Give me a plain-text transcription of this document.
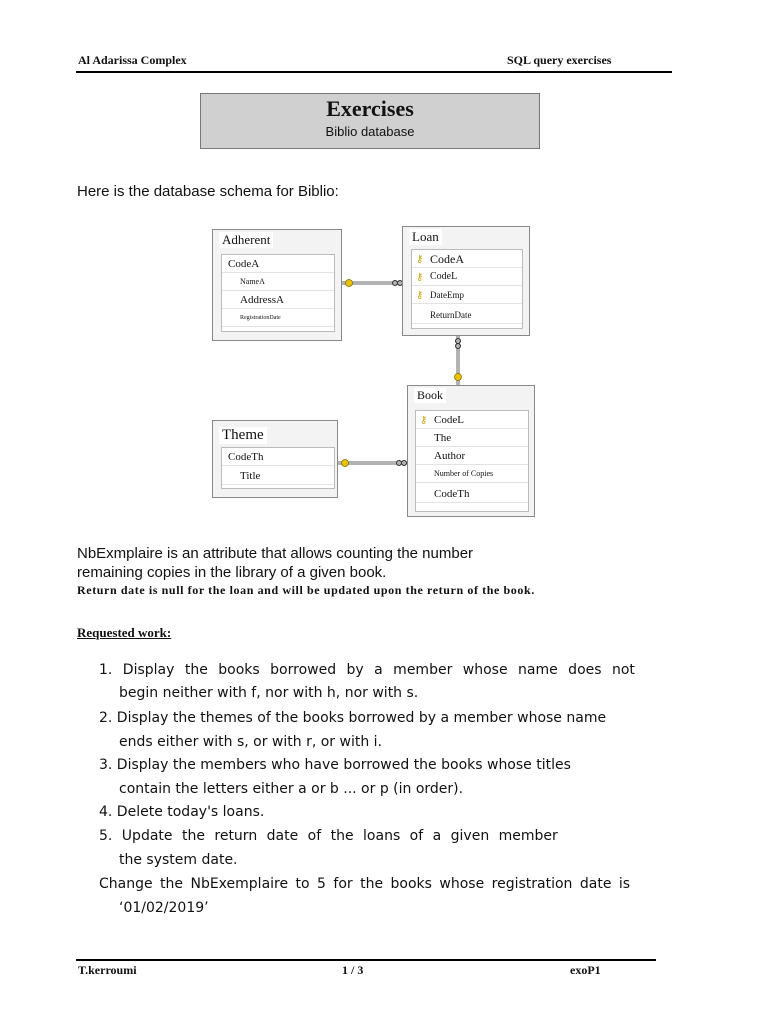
Al Adarissa Complex	SQL query exercises
Exercises
Biblio database
Here is the database schema for Biblio:
Adherent
CodeA
NameA
AddressA
RegistrationDate
Loan
⚷ CodeA
⚷ CodeL
⚷ DateEmp
ReturnDate
Book
⚷ CodeL
The
Author
Number of Copies
CodeTh
Theme
CodeTh
Title
NbExmplaire is an attribute that allows counting the number
remaining copies in the library of a given book.
Return date is null for the loan and will be updated upon the return of the book.
Requested work:
1. Display the books borrowed by a member whose name does not
begin neither with f, nor with h, nor with s.
2. Display the themes of the books borrowed by a member whose name
ends either with s, or with r, or with i.
3. Display the members who have borrowed the books whose titles
contain the letters either a or b ... or p (in order).
4. Delete today's loans.
5. Update the return date of the loans of a given member
the system date.
Change the NbExemplaire to 5 for the books whose registration date is
‘01/02/2019’
T.kerroumi	1 / 3	exoP1
